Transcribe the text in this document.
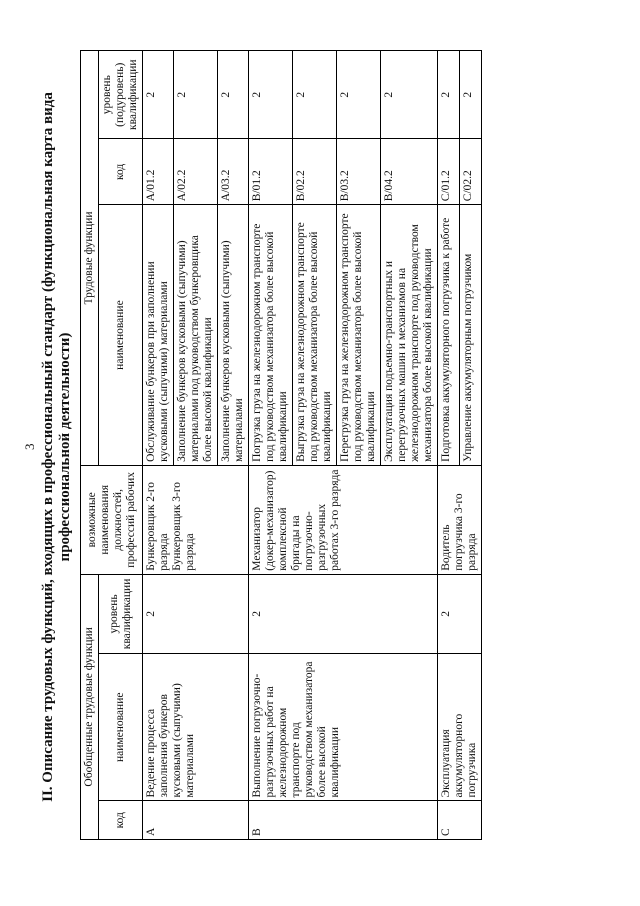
3 II. Описание трудовых функций, входящих в профессиональный стандарт (функциональная карта вида профессиональной деятельности)
Обобщенные трудовые функции			возможные наименования должностей, профессий рабочих	Трудовые функции		
код	наименование	уровень квалификации		наименование	код	уровень (подуровень) квалификации
A	Ведение процесса заполнения бункеров кусковыми (сыпучими) материалами	2	Бункеровщик 2-го разряда Бункеровщик 3-го разряда	Обслуживание бункеров при заполнении кусковыми (сыпучими) материалами	A/01.2	2
				Заполнение бункеров кусковыми (сыпучими) материалами под руководством бункеровщика более высокой квалификации	A/02.2	2
				Заполнение бункеров кусковыми (сыпучими) материалами	A/03.2	2
B	Выполнение погрузочно-разгрузочных работ на железнодорожном транспорте под руководством механизатора более высокой квалификации	2	Механизатор (докер-механизатор) комплексной бригады на погрузочно-разгрузочных работах 3-го разряда	Погрузка груза на железнодорожном транспорте под руководством механизатора более высокой квалификации	B/01.2	2
				Выгрузка груза на железнодорожном транспорте под руководством механизатора более высокой квалификации	B/02.2	2
				Перегрузка груза на железнодорожном транспорте под руководством механизатора более высокой квалификации	B/03.2	2
				Эксплуатация подъемно-транспортных и перегрузочных машин и механизмов на железнодорожном транспорте под руководством механизатора более высокой квалификации	B/04.2	2
C	Эксплуатация аккумуляторного погрузчика	2	Водитель погрузчика 3-го разряда	Подготовка аккумуляторного погрузчика к работе	C/01.2	2
				Управление аккумуляторным погрузчиком	C/02.2	2
